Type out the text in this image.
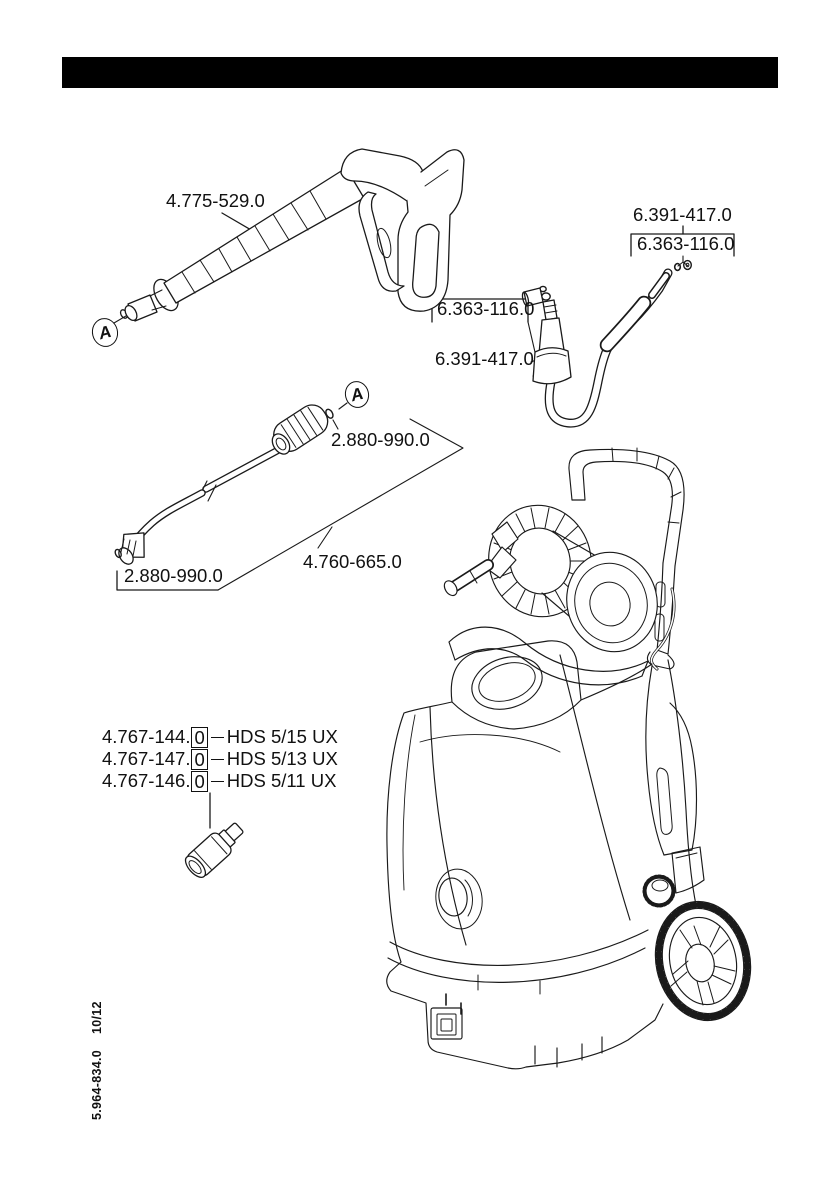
4.775-529.0
6.391-417.0
6.363-116.0
6.363-116.0
6.391-417.0
A
A
2.880-990.0
4.760-665.0
2.880-990.0
4.767-144. 0 HDS 5/15 UX
4.767-147. 0 HDS 5/13 UX
4.767-146. 0 HDS 5/11 UX
5.964-834.010/12
